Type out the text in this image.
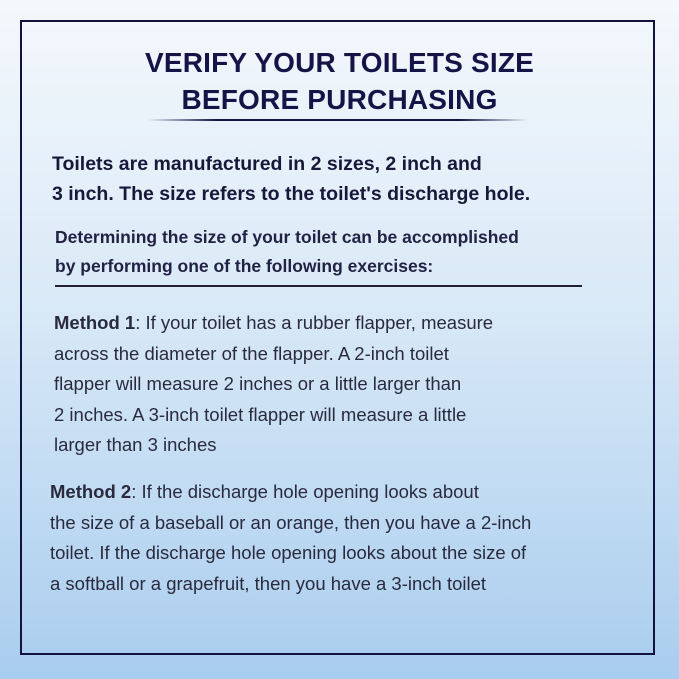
VERIFY YOUR TOILETS SIZE
BEFORE PURCHASING
Toilets are manufactured in 2 sizes, 2 inch and
3 inch. The size refers to the toilet's discharge hole.
Determining the size of your toilet can be accomplished
by performing one of the following exercises:
Method 1: If your toilet has a rubber flapper, measure
across the diameter of the flapper. A 2-inch toilet
flapper will measure 2 inches or a little larger than
2 inches. A 3-inch toilet flapper will measure a little
larger than 3 inches
Method 2: If the discharge hole opening looks about
the size of a baseball or an orange, then you have a 2-inch
toilet. If the discharge hole opening looks about the size of
a softball or a grapefruit, then you have a 3-inch toilet
